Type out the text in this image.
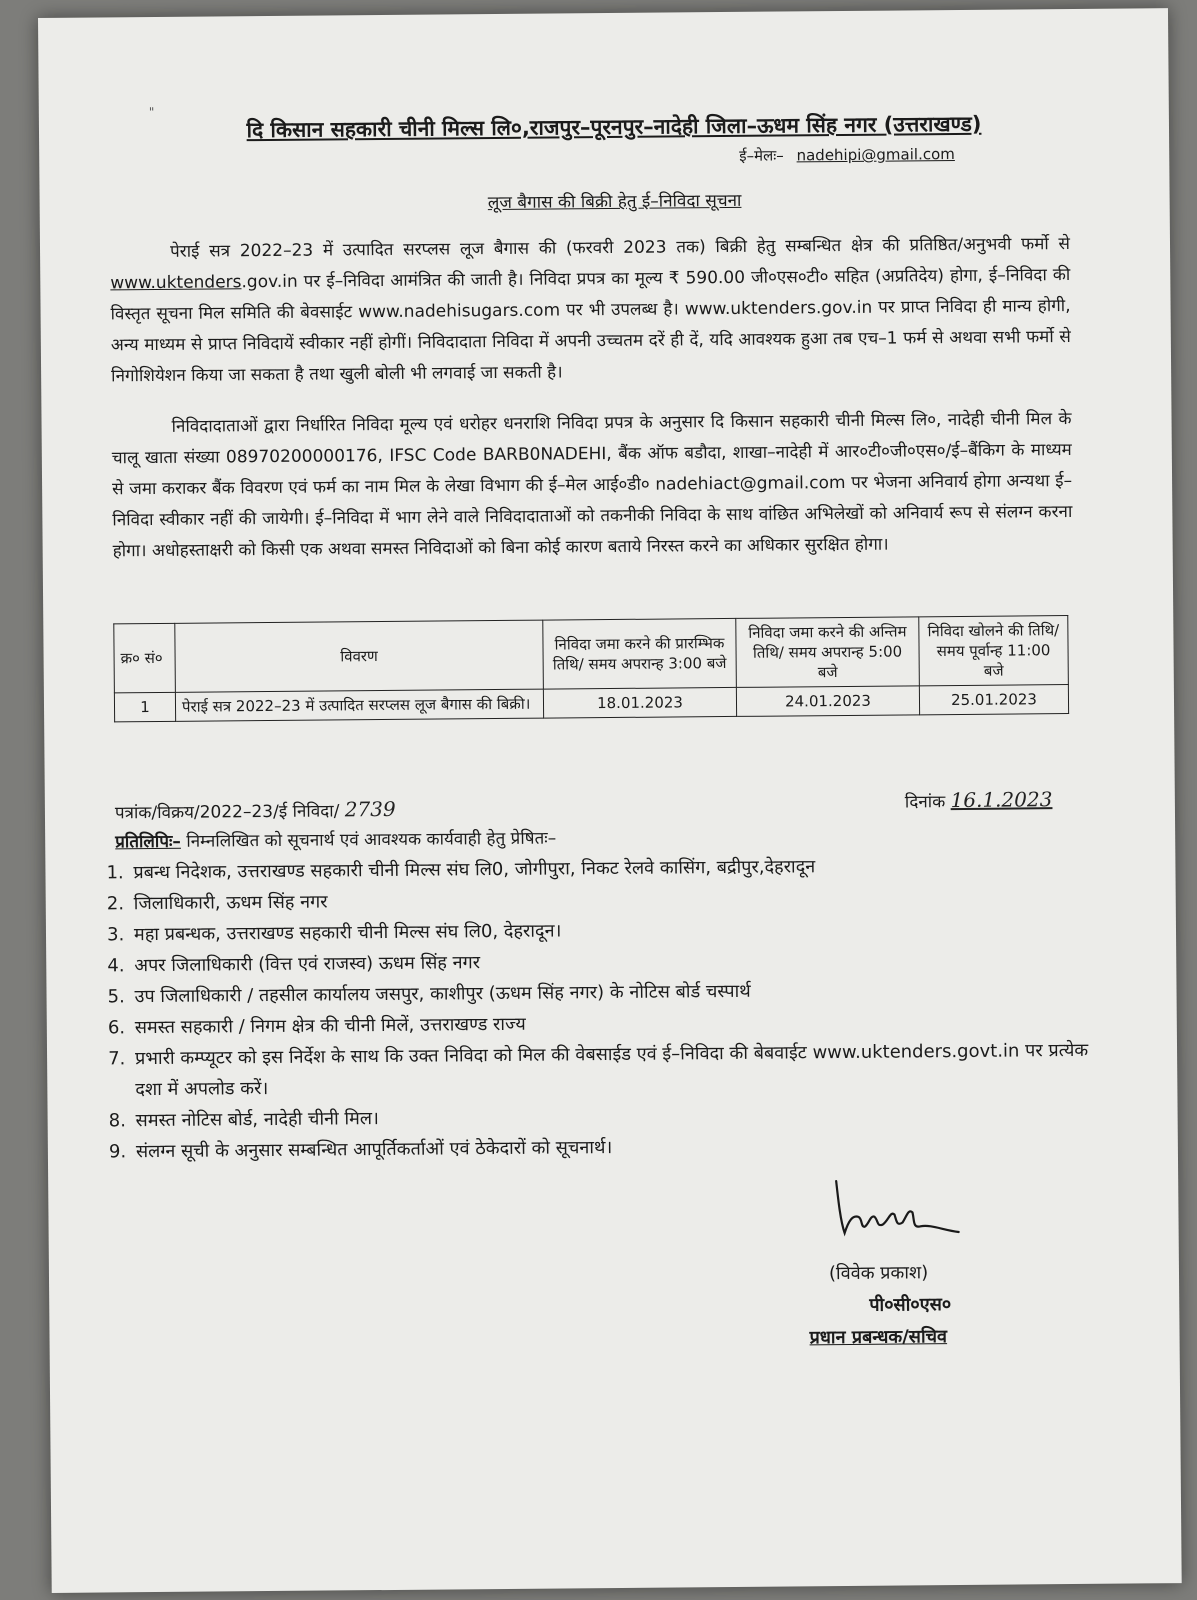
"	दि किसान सहकारी चीनी मिल्स लि०,राजपुर–पूरनपुर–नादेही जिला–ऊधम सिंह नगर (उत्तराखण्ड)
ई–मेलः– nadehipi@gmail.com
लूज बैगास की बिक्री हेतु ई–निविदा सूचना
पेराई सत्र 2022–23 में उत्पादित सरप्लस लूज बैगास की (फरवरी 2023 तक) बिक्री हेतु सम्बन्धित क्षेत्र की प्रतिष्ठित/अनुभवी फर्मो से www.uktenders.gov.in पर ई–निविदा आमंत्रित की जाती है। निविदा प्रपत्र का मूल्य ₹ 590.00 जी०एस०टी० सहित (अप्रतिदेय) होगा, ई–निविदा की विस्तृत सूचना मिल समिति की बेवसाईट www.nadehisugars.com पर भी उपलब्ध है। www.uktenders.gov.in पर प्राप्त निविदा ही मान्य होगी, अन्य माध्यम से प्राप्त निविदायें स्वीकार नहीं होगीं। निविदादाता निविदा में अपनी उच्चतम दरें ही दें, यदि आवश्यक हुआ तब एच–1 फर्म से अथवा सभी फर्मो से निगोशियेशन किया जा सकता है तथा खुली बोली भी लगवाई जा सकती है।
निविदादाताओं द्वारा निर्धारित निविदा मूल्य एवं धरोहर धनराशि निविदा प्रपत्र के अनुसार दि किसान सहकारी चीनी मिल्स लि०, नादेही चीनी मिल के चालू खाता संख्या 08970200000176, IFSC Code BARB0NADEHI, बैंक ऑफ बडौदा, शाखा–नादेही में आर०टी०जी०एस०/ई–बैंकिग के माध्यम से जमा कराकर बैंक विवरण एवं फर्म का नाम मिल के लेखा विभाग की ई–मेल आई०डी० nadehiact@gmail.com पर भेजना अनिवार्य होगा अन्यथा ई–निविदा स्वीकार नहीं की जायेगी। ई–निविदा में भाग लेने वाले निविदादाताओं को तकनीकी निविदा के साथ वांछित अभिलेखों को अनिवार्य रूप से संलग्न करना होगा। अधोहस्ताक्षरी को किसी एक अथवा समस्त निविदाओं को बिना कोई कारण बताये निरस्त करने का अधिकार सुरक्षित होगा।
क्र० सं०	विवरण	निविदा जमा करने की प्रारम्भिक तिथि/ समय अपरान्ह 3:00 बजे	निविदा जमा करने की अन्तिम तिथि/ समय अपरान्ह 5:00 बजे	निविदा खोलने की तिथि/समय पूर्वान्ह 11:00 बजे
1	पेराई सत्र 2022–23 में उत्पादित सरप्लस लूज बैगास की बिक्री।	18.01.2023	24.01.2023	25.01.2023
पत्रांक/विक्रय/2022–23/ई निविदा/ 2739	दिनांक 16.1.2023
प्रतिलिपिः– निम्नलिखित को सूचनार्थ एवं आवश्यक कार्यवाही हेतु प्रेषितः–
1. प्रबन्ध निदेशक, उत्तराखण्ड सहकारी चीनी मिल्स संघ लि0, जोगीपुरा, निकट रेलवे कासिंग, बद्रीपुर,देहरादून
2. जिलाधिकारी, ऊधम सिंह नगर
3. महा प्रबन्धक, उत्तराखण्ड सहकारी चीनी मिल्स संघ लि0, देहरादून।
4. अपर जिलाधिकारी (वित्त एवं राजस्व) ऊधम सिंह नगर
5. उप जिलाधिकारी / तहसील कार्यालय जसपुर, काशीपुर (ऊधम सिंह नगर) के नोटिस बोर्ड चस्पार्थ
6. समस्त सहकारी / निगम क्षेत्र की चीनी मिलें, उत्तराखण्ड राज्य
7. प्रभारी कम्प्यूटर को इस निर्देश के साथ कि उक्त निविदा को मिल की वेबसाईड एवं ई–निविदा की बेबवाईट www.uktenders.govt.in पर प्रत्येक दशा में अपलोड करें।
8. समस्त नोटिस बोर्ड, नादेही चीनी मिल।
9. संलग्न सूची के अनुसार सम्बन्धित आपूर्तिकर्ताओं एवं ठेकेदारों को सूचनार्थ।
(विवेक प्रकाश)
पी०सी०एस०
प्रधान प्रबन्धक/सचिव
